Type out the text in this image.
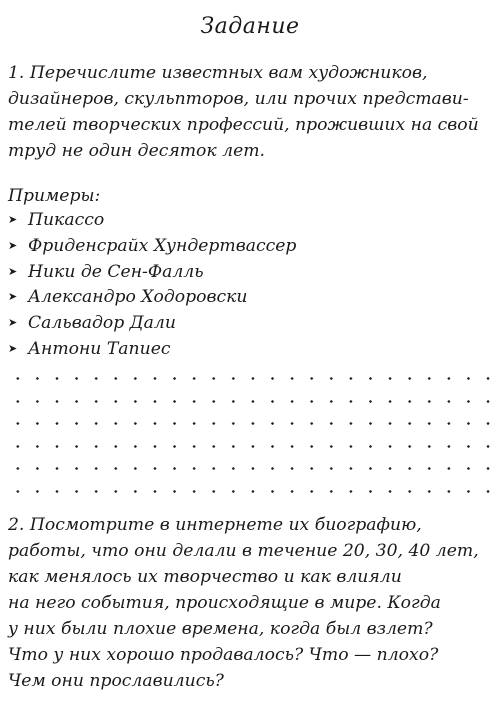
Задание
1. Перечислите известных вам художников,
дизайнеров, скульпторов, или прочих представи-
телей творческих профессий, проживших на свой
труд не один десяток лет.
Примеры:
➤ Пикассо
➤ Фриденсрайх Хундертвассер
➤ Ники де Сен-Фалль
➤ Александро Ходоровски
➤ Сальвадор Дали
➤ Антони Тапиес
2. Посмотрите в интернете их биографию,
работы, что они делали в течение 20, 30, 40 лет,
как менялось их творчество и как влияли
на него события, происходящие в мире. Когда
у них были плохие времена, когда был взлет?
Что у них хорошо продавалось? Что — плохо?
Чем они прославились?
